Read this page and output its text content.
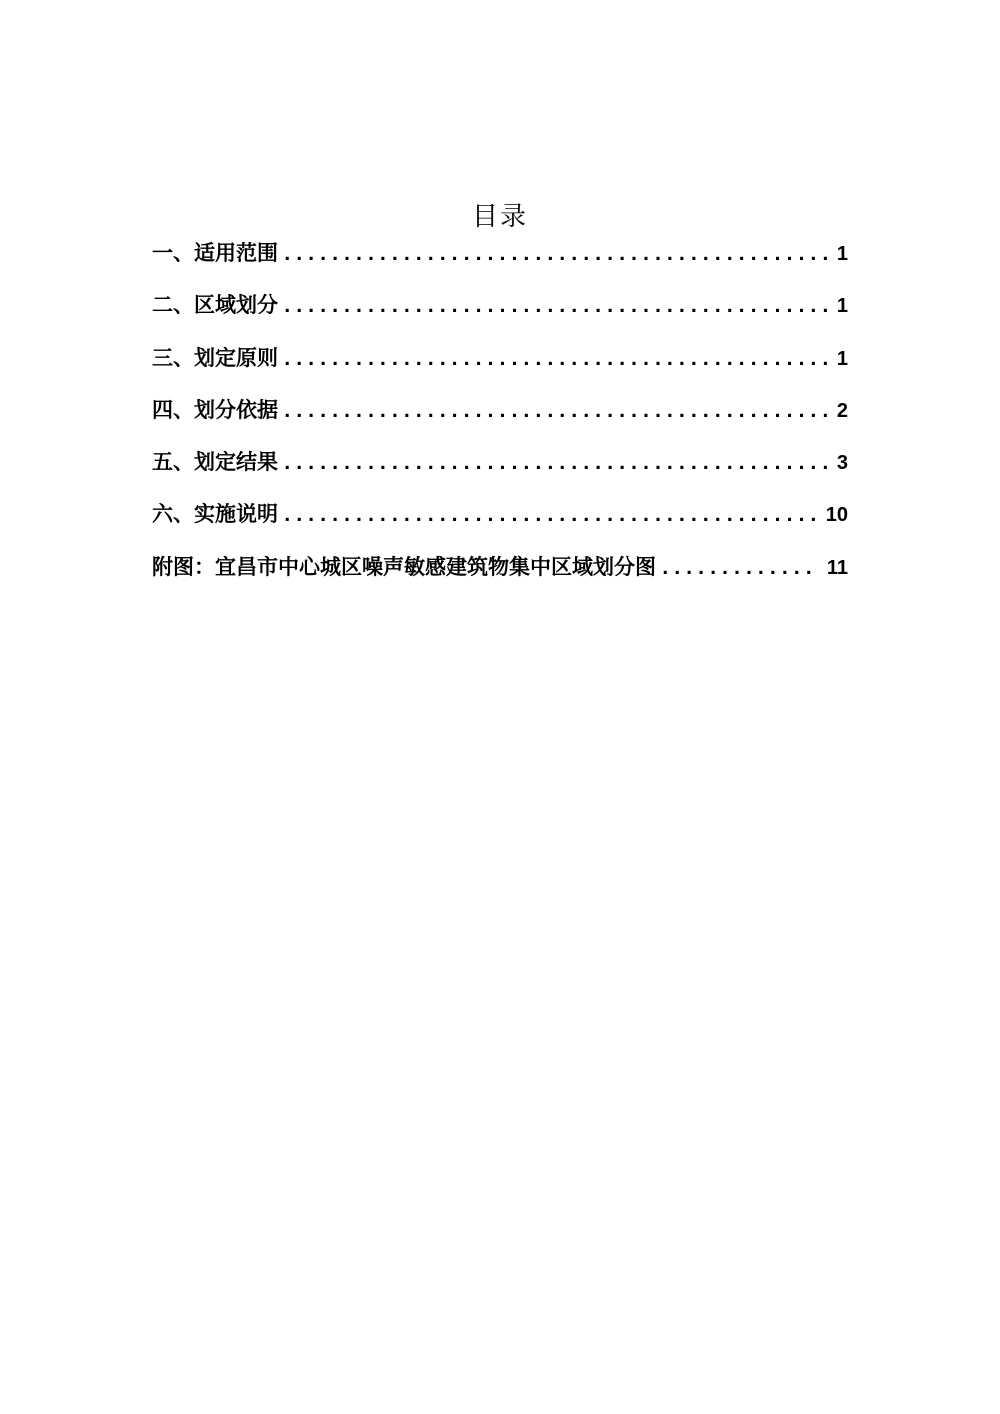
目录
一、适用范围 .....	1
二、区域划分 .....	1
三、划定原则 .....	1
四、划分依据 .....	2
五、划定结果 .....	3
六、实施说明 .....	10
附图：宜昌市中心城区噪声敏感建筑物集中区域划分图 .....	11
